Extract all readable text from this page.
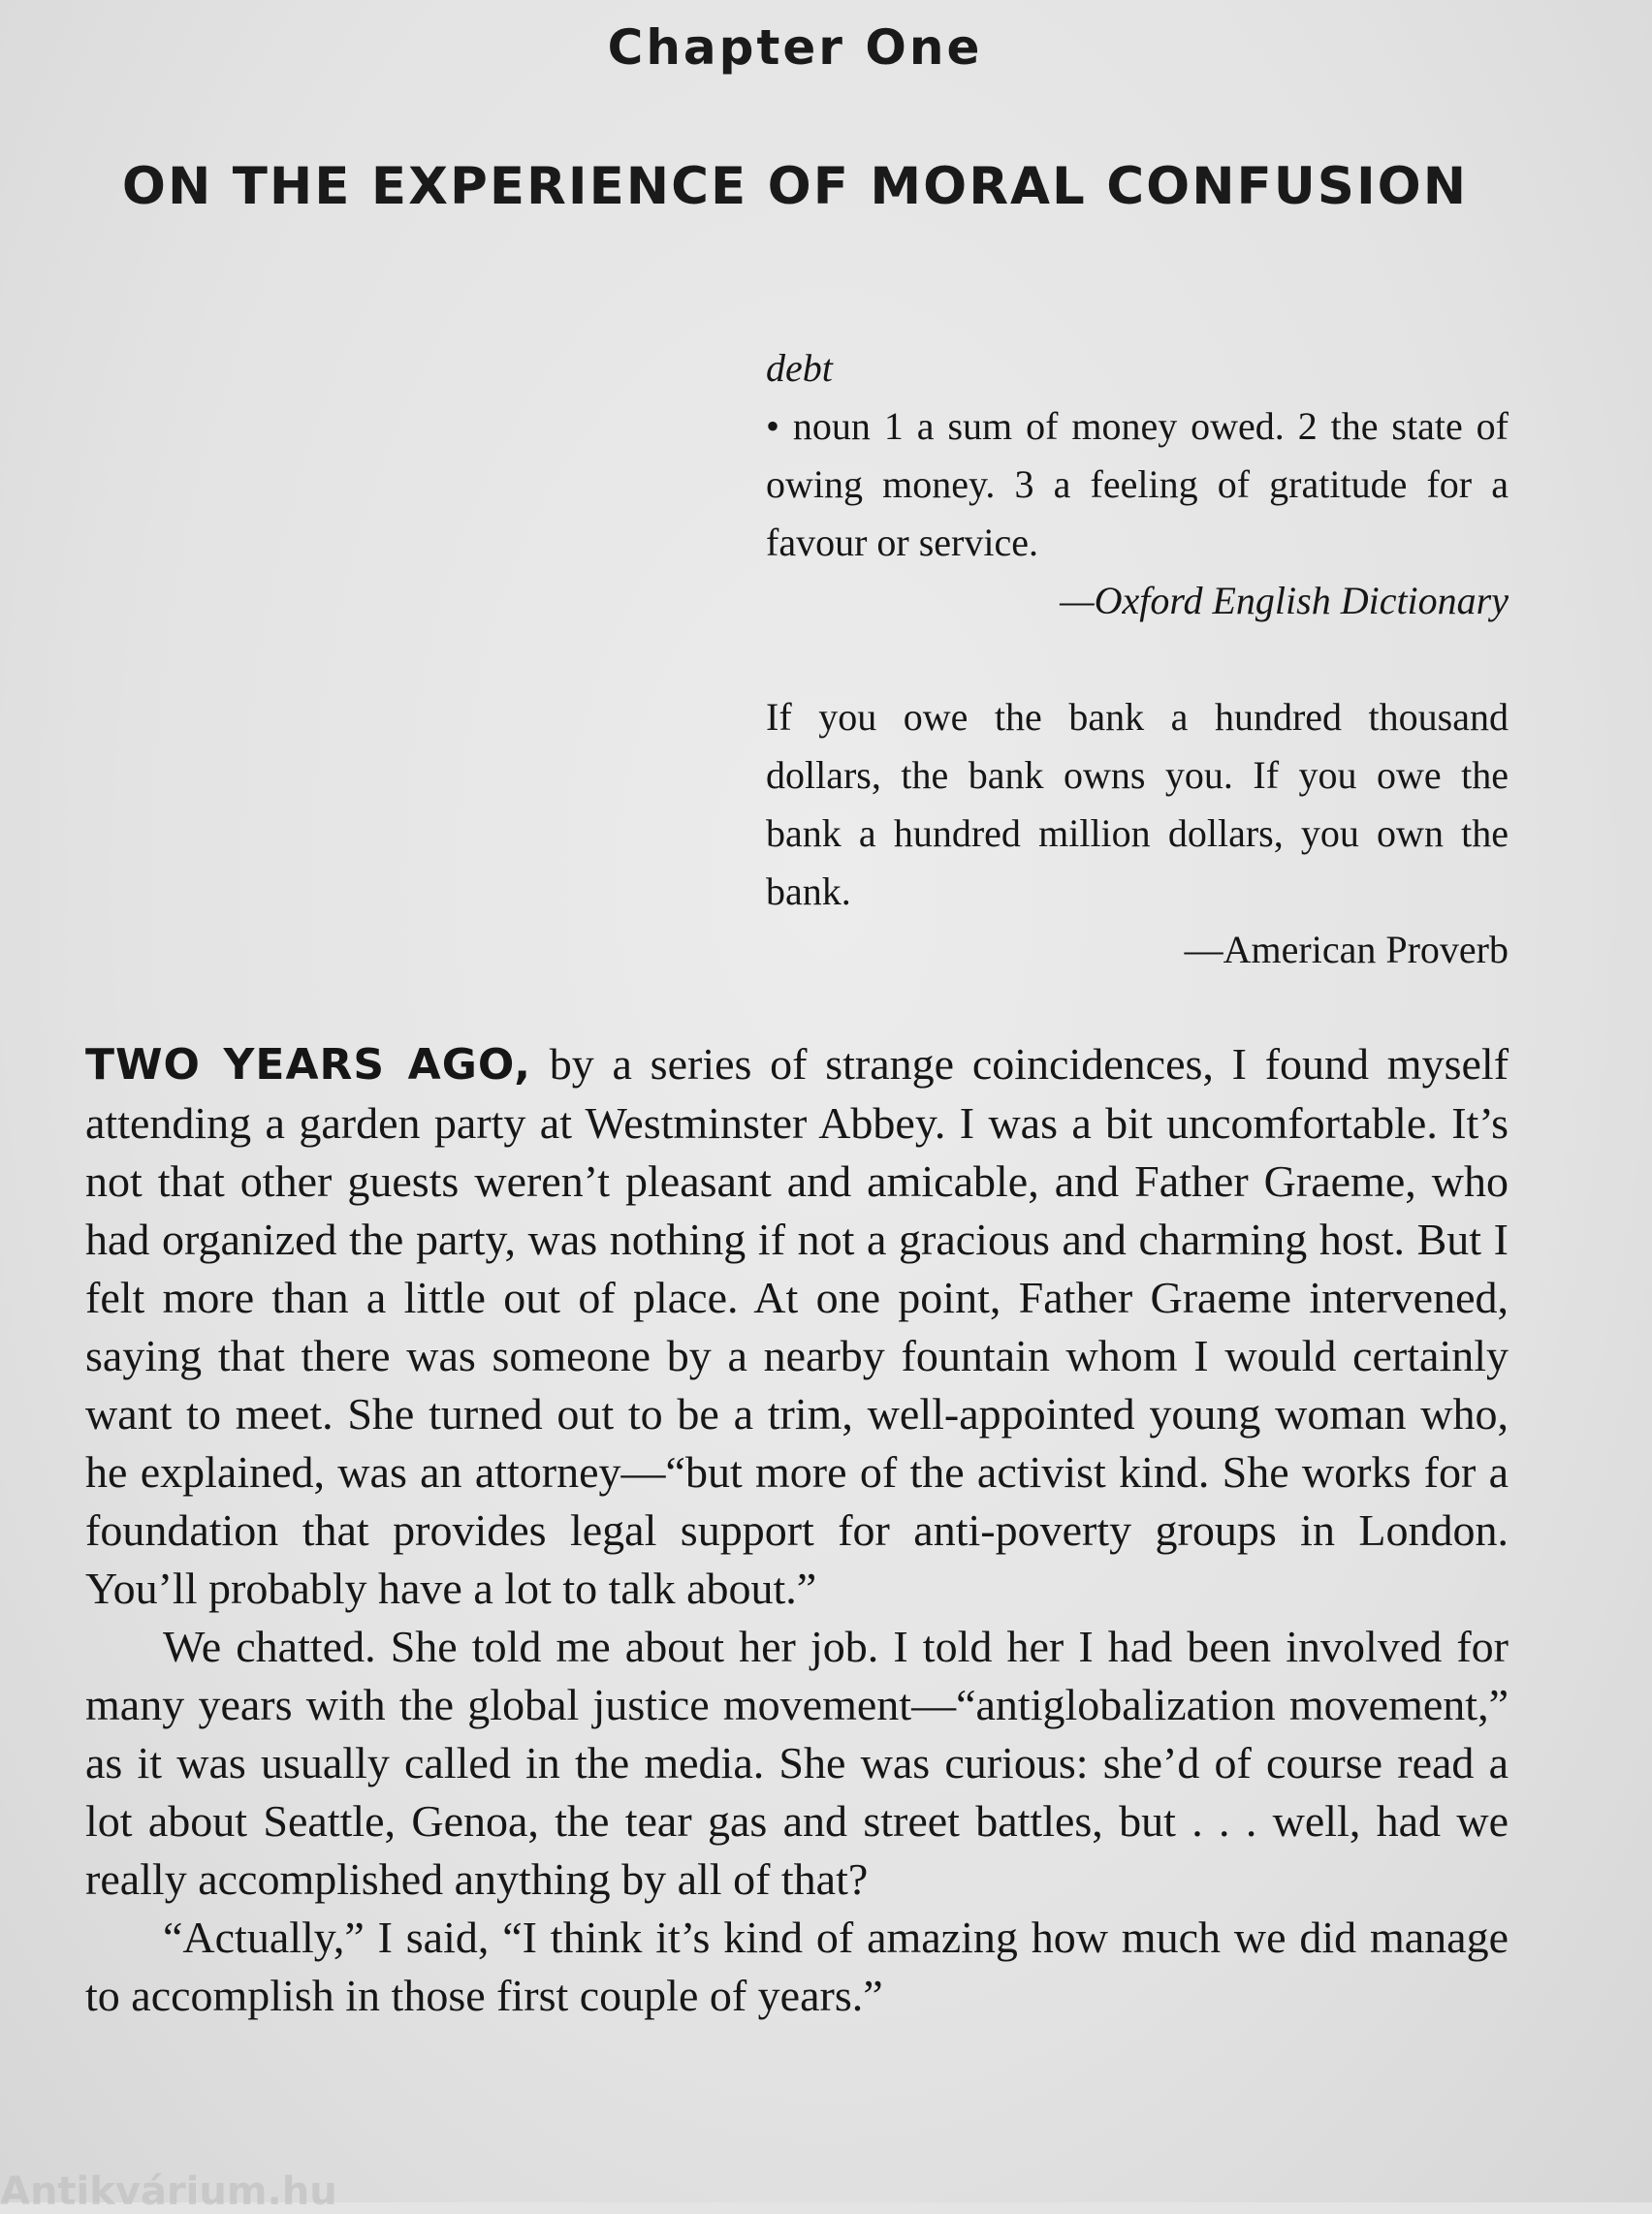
Chapter One
ON THE EXPERIENCE OF MORAL CONFUSION

debt

• noun 1 a sum of money owed. 2 the state of owing money. 3 a feeling of gratitude for a favour or service.

—Oxford English Dictionary

If you owe the bank a hundred thousand dollars, the bank owns you. If you owe the bank a hundred million dollars, you own the bank.

—American Proverb

TWO YEARS AGO, by a series of strange coincidences, I found myself attending a garden party at Westminster Abbey. I was a bit uncomfortable. It’s not that other guests weren’t pleasant and amicable, and Father Graeme, who had organized the party, was nothing if not a gracious and charming host. But I felt more than a little out of place. At one point, Father Graeme intervened, saying that there was someone by a nearby fountain whom I would certainly want to meet. She turned out to be a trim, well-appointed young woman who, he explained, was an attorney—“but more of the activist kind. She works for a foundation that provides legal support for anti-poverty groups in London. You’ll probably have a lot to talk about.”

We chatted. She told me about her job. I told her I had been involved for many years with the global justice movement—“antiglobalization movement,” as it was usually called in the media. She was curious: she’d of course read a lot about Seattle, Genoa, the tear gas and street battles, but . . . well, had we really accomplished anything by all of that?

“Actually,” I said, “I think it’s kind of amazing how much we did manage to accomplish in those first couple of years.”

Antikvárium.hu
